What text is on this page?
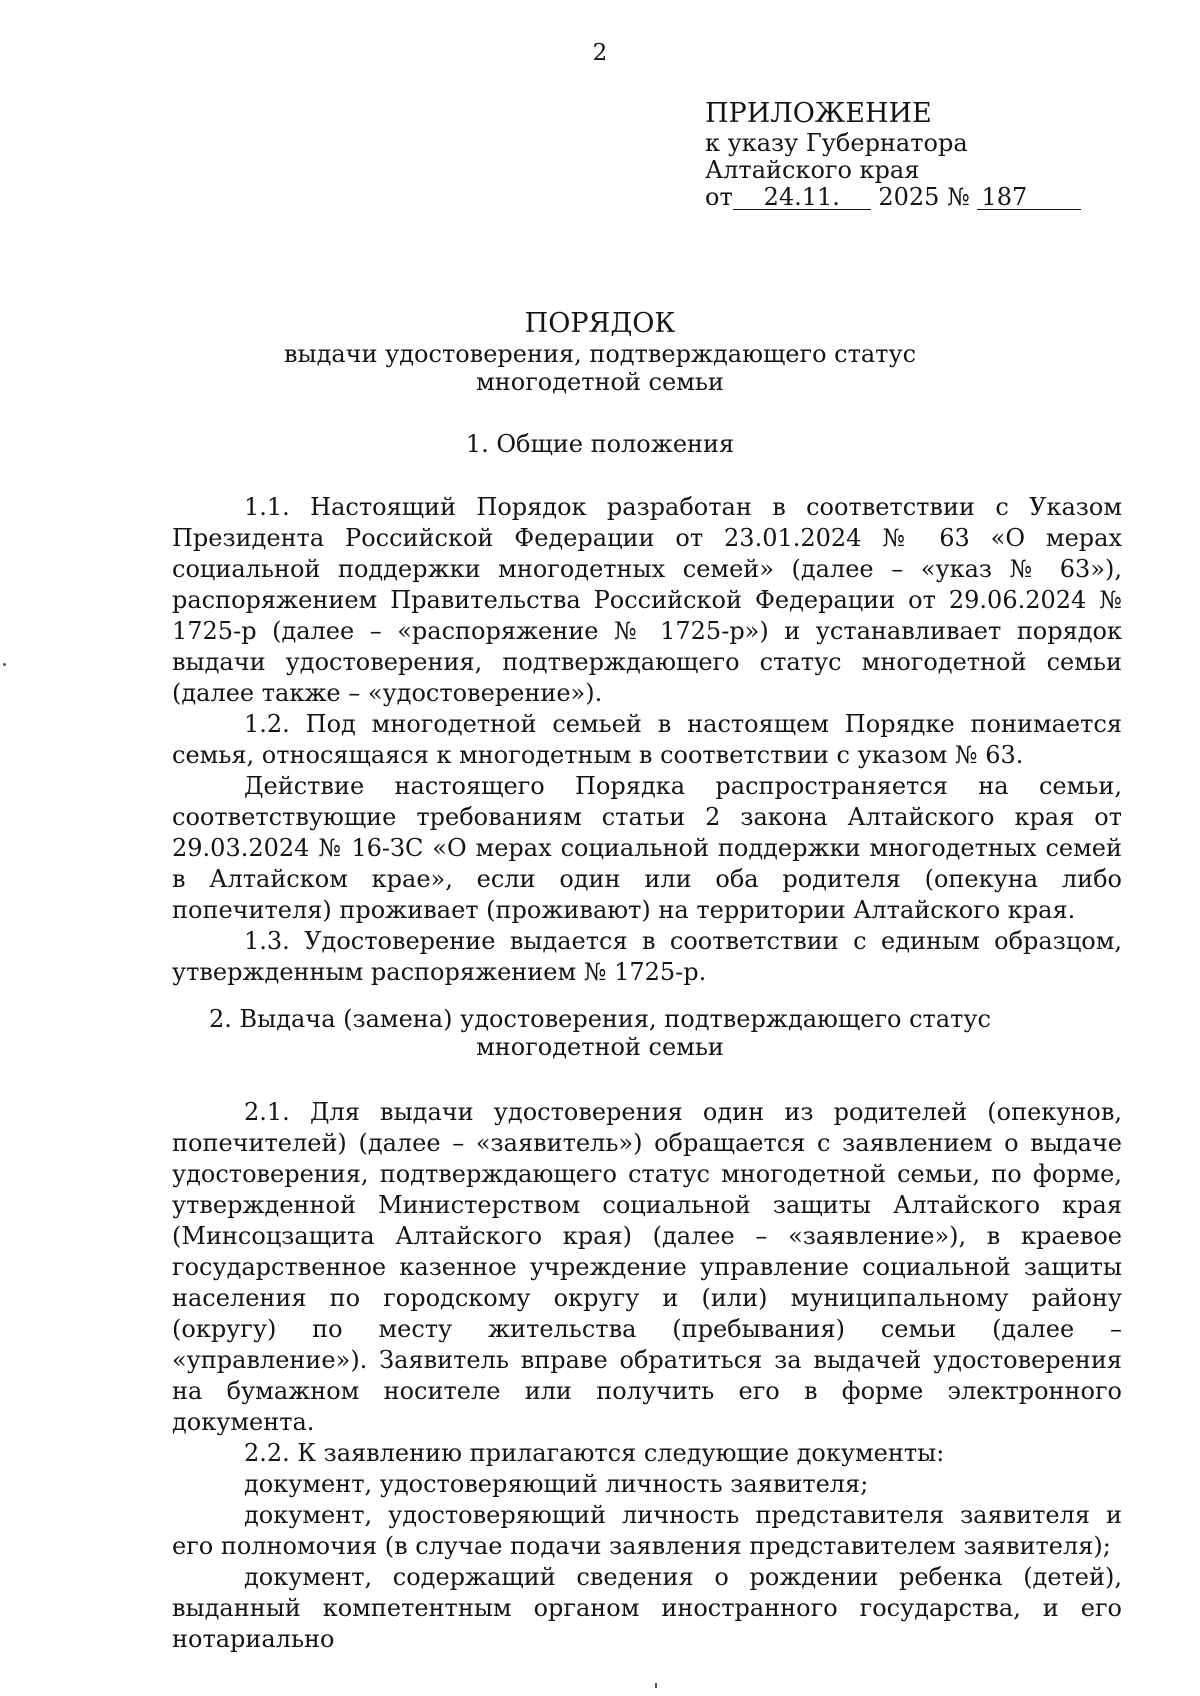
2
ПРИЛОЖЕНИЕ
к указу Губернатора
Алтайского края
от 24.11. 2025 № 187
ПОРЯДОК
выдачи удостоверения, подтверждающего статус
многодетной семьи
1. Общие положения

1.1. Настоящий Порядок разработан в соответствии с Указом Президента Российской Федерации от 23.01.2024 № 63 «О мерах социальной поддержки многодетных семей» (далее – «указ № 63»), распоряжением Правительства Российской Федерации от 29.06.2024 № 1725-р (далее – «распоряжение № 1725-р») и устанавливает порядок выдачи удостоверения, подтверждающего статус многодетной семьи (далее также – «удостоверение»).

1.2. Под многодетной семьей в настоящем Порядке понимается семья, относящаяся к многодетным в соответствии с указом № 63.

Действие настоящего Порядка распространяется на семьи, соответствующие требованиям статьи 2 закона Алтайского края от 29.03.2024 № 16-ЗС «О мерах социальной поддержки многодетных семей в Алтайском крае», если один или оба родителя (опекуна либо попечителя) проживает (проживают) на территории Алтайского края.

1.3. Удостоверение выдается в соответствии с единым образцом, утвержденным распоряжением № 1725-р.

2. Выдача (замена) удостоверения, подтверждающего статус
многодетной семьи

2.1. Для выдачи удостоверения один из родителей (опекунов, попечителей) (далее – «заявитель») обращается с заявлением о выдаче удостоверения, подтверждающего статус многодетной семьи, по форме, утвержденной Министерством социальной защиты Алтайского края (Минсоцзащита Алтайского края) (далее – «заявление»), в краевое государственное казенное учреждение управление социальной защиты населения по городскому округу и (или) муниципальному району (округу) по месту жительства (пребывания) семьи (далее – «управление»). Заявитель вправе обратиться за выдачей удостоверения на бумажном носителе или получить его в форме электронного документа.

2.2. К заявлению прилагаются следующие документы:

документ, удостоверяющий личность заявителя;

документ, удостоверяющий личность представителя заявителя и его полномочия (в случае подачи заявления представителем заявителя);

документ, содержащий сведения о рождении ребенка (детей), выданный компетентным органом иностранного государства, и его нотариально
